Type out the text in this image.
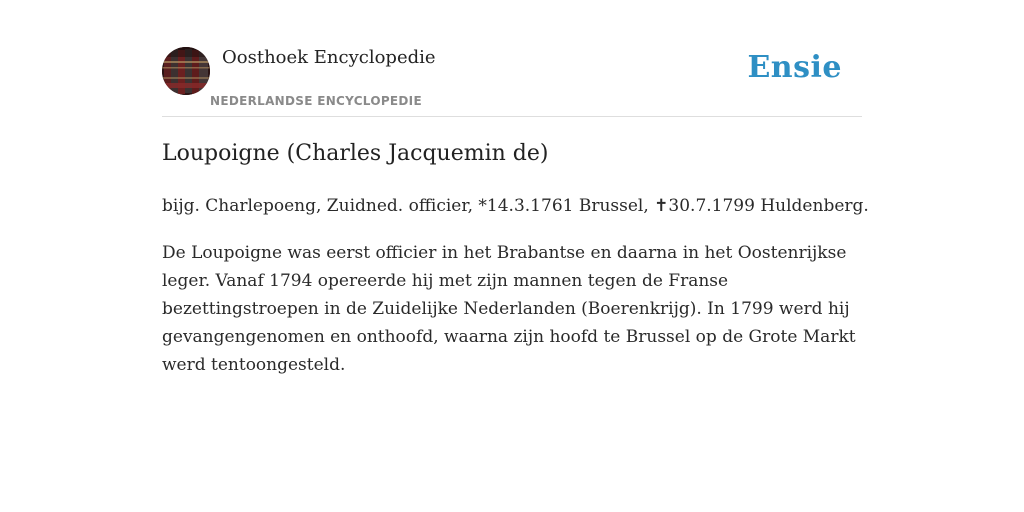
Oosthoek Encyclopedie
NEDERLANDSE ENCYCLOPEDIE
Ensie
Loupoigne (Charles Jacquemin de)

bijg. Charlepoeng, Zuidned. officier, *14.3.1761 Brussel, ✝30.7.1799 Huldenberg.

De Loupoigne was eerst officier in het Brabantse en daarna in het Oostenrijkse leger. Vanaf 1794 opereerde hij met zijn mannen tegen de Franse bezettingstroepen in de Zuidelijke Nederlanden (Boerenkrijg). In 1799 werd hij gevangengenomen en onthoofd, waarna zijn hoofd te Brussel op de Grote Markt werd tentoongesteld.
